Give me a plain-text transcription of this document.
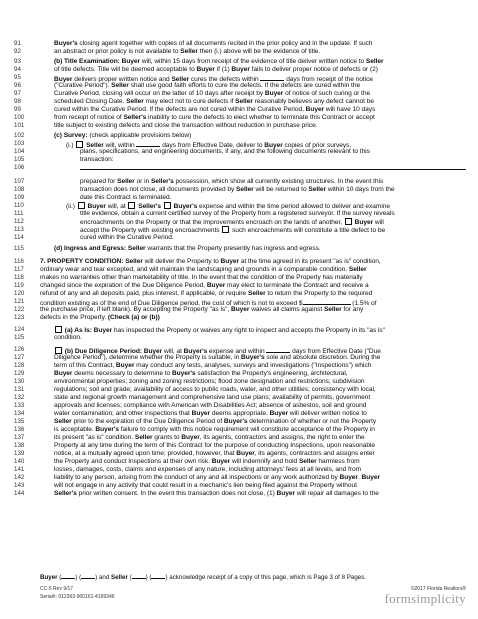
91
92
93
94
95
96
97
98
99
100
101
102
103
104
105
106
107
108
109
110
111
112
113
114
115
116
117
118
119
120
121
122
123
124
125
126
127
128
129
130
131
132
133
134
135
136
137
138
139
140
141
142
143
144
Buyer's closing agent together with copies of all documents recited in the prior policy and in the update. If such
an abstract or prior policy is not available to Seller then (i.) above will be the evidence of title.
(b) Title Examination: Buyer will, within 15 days from receipt of the evidence of title deliver written notice to Seller
of title defects. Title will be deemed acceptable to Buyer if (1) Buyer fails to deliver proper notice of defects or (2)
Buyer delivers proper written notice and Seller cures the defects within	days from receipt of the notice
("Curative Period"). Seller shall use good faith efforts to cure the defects. If the defects are cured within the
Curative Period, closing will occur on the latter of 10 days after receipt by Buyer of notice of such curing or the
scheduled Closing Date. Seller may elect not to cure defects if Seller reasonably believes any defect cannot be
cured within the Curative Period. If the defects are not cured within the Curative Period, Buyer will have 10 days
from receipt of notice of Seller's inability to cure the defects to elect whether to terminate this Contract or accept
title subject to existing defects and close the transaction without reduction in purchase price.
(c) Survey: (check applicable provisions below)
(i.)  Seller will, within	days from Effective Date, deliver to Buyer copies of prior surveys,
plans, specifications, and engineering documents, if any, and the following documents relevant to this
transaction:
prepared for Seller or in Seller's possession, which show all currently existing structures. In the event this
transaction does not close, all documents provided by Seller will be returned to Seller within 10 days from the
date this Contract is terminated.
(ii.)  Buyer will, at  Seller's Buyer's expense and within the time period allowed to deliver and examine
title evidence, obtain a current certified survey of the Property from a registered surveyor. If the survey reveals
encroachments on the Property or that the improvements encroach on the lands of another,  Buyer will
accept the Property with existing encroachments  such encroachments will constitute a title defect to be
cured within the Curative Period.
(d) Ingress and Egress: Seller warrants that the Property presently has ingress and egress.
7. PROPERTY CONDITION: Seller will deliver the Property to Buyer at the time agreed in its present "as is" condition,
ordinary wear and tear excepted, and will maintain the landscaping and grounds in a comparable condition. Seller
makes no warranties other than marketability of title. In the event that the condition of the Property has materially
changed since the expiration of the Due Diligence Period, Buyer may elect to terminate the Contract and receive a
refund of any and all deposits paid, plus interest, if applicable, or require Seller to return the Property to the required
condition existing as of the end of Due Diligence period, the cost of which is not to exceed $	(1.5% of
the purchase price, if left blank). By accepting the Property "as is", Buyer waives all claims against Seller for any
defects in the Property. (Check (a) or (b))
(a) As Is: Buyer has inspected the Property or waives any right to inspect and accepts the Property in its "as is"
condition.
(b) Due Diligence Period: Buyer will, at Buyer's expense and within	days from Effective Date ("Due
Diligence Period"), determine whether the Property is suitable, in Buyer's sole and absolute discretion. During the
term of this Contract, Buyer may conduct any tests, analyses, surveys and investigations ("Inspections") which
Buyer deems necessary to determine to Buyer's satisfaction the Property's engineering, architectural,
environmental properties; zoning and zoning restrictions; flood zone designation and restrictions; subdivision
regulations; soil and grade; availability of access to public roads, water, and other utilities; consistency with local,
state and regional growth management and comprehensive land use plans; availability of permits, government
approvals and licenses; compliance with American with Disabilities Act; absence of asbestos, soil and ground
water contamination; and other inspections that Buyer deems appropriate. Buyer will deliver written notice to
Seller prior to the expiration of the Due Diligence Period of Buyer's determination of whether or not the Property
is acceptable. Buyer's failure to comply with this notice requirement will constitute acceptance of the Property in
its present "as is" condition. Seller grants to Buyer, its agents, contractors and assigns, the right to enter the
Property at any time during the term of this Contract for the purpose of conducting Inspections, upon reasonable
notice, at a mutually agreed upon time; provided, however, that Buyer, its agents, contractors and assigns enter
the Property and conduct Inspections at their own risk. Buyer will indemnify and hold Seller harmless from
losses, damages, costs, claims and expenses of any nature, including attorneys' fees at all levels, and from
liability to any person, arising from the conduct of any and all inspections or any work authorized by Buyer. Buyer
will not engage in any activity that could result in a mechanic's lien being filed against the Property without
Seller's prior written consent. In the event this transaction does not close, (1) Buyer will repair all damages to the
Buyer ( ) ( ) and Seller ( ) ( ) acknowledge receipt of a copy of this page, which is Page 3 of 8 Pages.
CC-5 Rev 9/17
Serial#: 012363-900161-4169346
©2017 Florida Realtors®
formsimplicity
